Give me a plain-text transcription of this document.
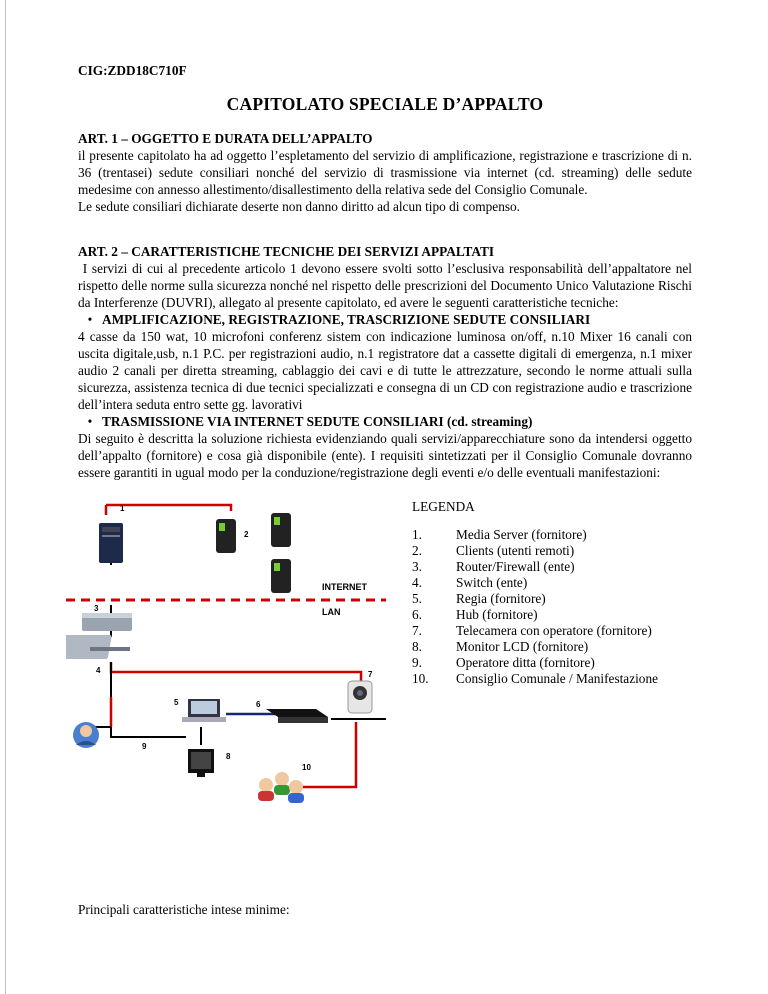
CIG:ZDD18C710F
CAPITOLATO SPECIALE D’APPALTO
ART. 1 – OGGETTO E DURATA DELL’APPALTO

il presente capitolato ha ad oggetto l’espletamento del servizio di amplificazione, registrazione e trascrizione di n. 36 (trentasei) sedute consiliari nonché del servizio di trasmissione via internet (cd. streaming) delle sedute medesime con annesso allestimento/disallestimento della relativa sede del Consiglio Comunale.

Le sedute consiliari dichiarate deserte non danno diritto ad alcun tipo di compenso.

ART. 2 – CARATTERISTICHE TECNICHE DEI SERVIZI APPALTATI

I servizi di cui al precedente articolo 1 devono essere svolti sotto l’esclusiva responsabilità dell’appaltatore nel rispetto delle norme sulla sicurezza nonché nel rispetto delle prescrizioni del Documento Unico Valutazione Rischi da Interferenze (DUVRI), allegato al presente capitolato, ed avere le seguenti caratteristiche tecniche:

• AMPLIFICAZIONE, REGISTRAZIONE, TRASCRIZIONE SEDUTE CONSILIARI

4 casse da 150 wat, 10 microfoni conferenz sistem con indicazione luminosa on/off, n.10 Mixer 16 canali con uscita digitale,usb, n.1 P.C. per registrazioni audio, n.1 registratore dat a cassette digitali di emergenza, n.1 mixer audio 2 canali per diretta streaming, cablaggio dei cavi e di tutte le attrezzature, secondo le norme attuali sulla sicurezza, assistenza tecnica di due tecnici specializzati e consegna di un CD con registrazione audio e trascrizione dell’intera seduta entro sette gg. lavorativi

• TRASMISSIONE VIA INTERNET SEDUTE CONSILIARI (cd. streaming)

Di seguito è descritta la soluzione richiesta evidenziando quali servizi/apparecchiature sono da intendersi oggetto dell’appalto (fornitore) e cosa già disponibile (ente). I requisiti sintetizzati per il Consiglio Comunale dovranno essere garantiti in ugual modo per la conduzione/registrazione degli eventi e/o delle eventuali manifestazioni:

INTERNET
LAN
1
2
3
4
5	6
7
8
9
10
LEGENDA
1.	Media Server (fornitore)
2.	Clients (utenti remoti)
3.	Router/Firewall (ente)
4.	Switch (ente)
5.	Regia (fornitore)
6.	Hub (fornitore)
7.	Telecamera con operatore (fornitore)
8.	Monitor LCD (fornitore)
9.	Operatore ditta (fornitore)
10.	Consiglio Comunale / Manifestazione
Principali caratteristiche intese minime:
